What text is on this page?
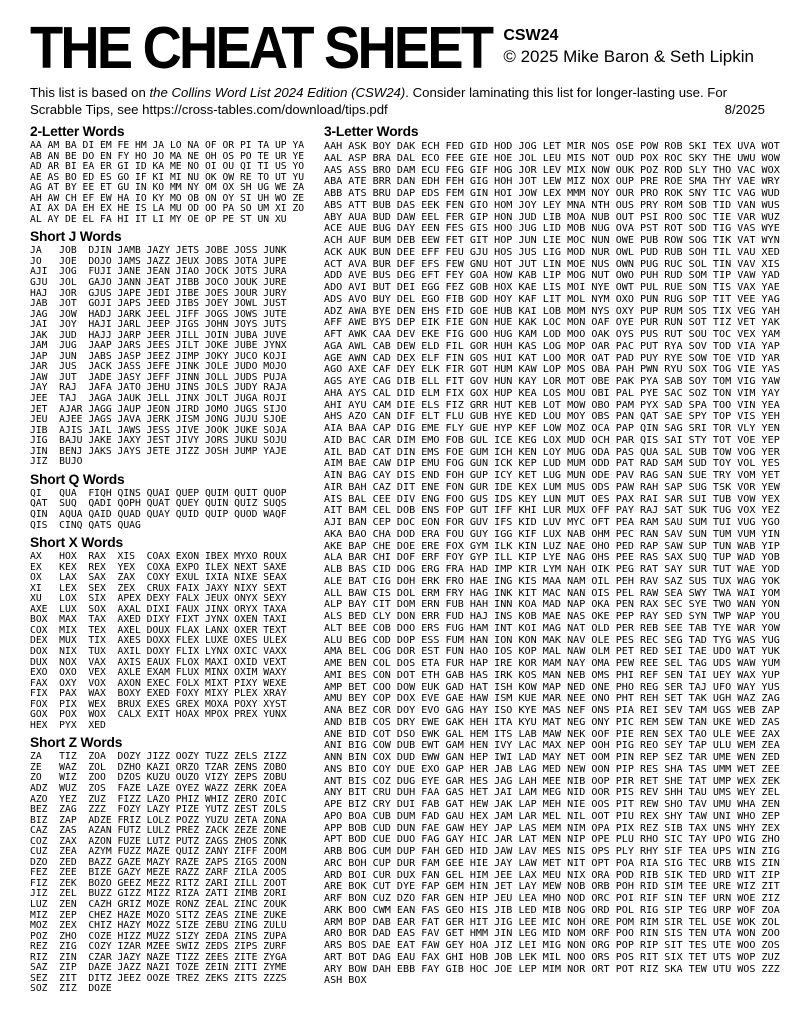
THE CHEAT SHEET CSW24
© 2025 Mike Baron & Seth Lipkin
This list is based on the Collins Word List 2024 Edition (CSW24). Consider laminating this list for longer-lasting use. For Scrabble Tips, see https://cross-tables.com/download/tips.pdf	8/2025
2-Letter Words
AA AM BA DI EM FE HM JA LO NA OF OR PI TA UP YA
AB AN BE DO EN FY HO JO MA NE OH OS PO TE UR YE
AD AR BI EA ER GI ID KA ME NO OI OU QI TI US YO
AE AS BO ED ES GO IF KI MI NU OK OW RE TO UT YU
AG AT BY EE ET GU IN KO MM NY OM OX SH UG WE ZA
AH AW CH EF EW HA IO KY MO OB ON OY SI UH WO ZE
AI AX DA EH EX HE IS LA MU OD OO PA SO UM XI ZO
AL AY DE EL FA HI IT LI MY OE OP PE ST UN XU
Short J Words
JA   JOB  DJIN JAMB JAZY JETS JOBE JOSS JUNK
JO   JOE  DOJO JAMS JAZZ JEUX JOBS JOTA JUPE
AJI  JOG  FUJI JANE JEAN JIAO JOCK JOTS JURA
GJU  JOL  GAJO JANN JEAT JIBB JOCO JOUK JURE
HAJ  JOR  GJUS JAPE JEDI JIBE JOES JOUR JURY
JAB  JOT  GOJI JAPS JEED JIBS JOEY JOWL JUST
JAG  JOW  HADJ JARK JEEL JIFF JOGS JOWS JUTE
JAI  JOY  HAJI JARL JEEP JIGS JOHN JOYS JUTS
JAK  JUD  HAJJ JARP JEER JILL JOIN JUBA JUVE
JAM  JUG  JAAP JARS JEES JILT JOKE JUBE JYNX
JAP  JUN  JABS JASP JEEZ JIMP JOKY JUCO KOJI
JAR  JUS  JACK JASS JEFE JINK JOLE JUDO MOJO
JAW  JUT  JADE JASY JEFF JINN JOLL JUDS PUJA
JAY  RAJ  JAFA JATO JEHU JINS JOLS JUDY RAJA
JEE  TAJ  JAGA JAUK JELL JINX JOLT JUGA ROJI
JET  AJAR JAGG JAUP JEON JIRD JOMO JUGS SIJO
JEU  AJEE JAGS JAVA JERK JISM JONG JUJU SJOE
JIB  AJIS JAIL JAWS JESS JIVE JOOK JUKE SOJA
JIG  BAJU JAKE JAXY JEST JIVY JORS JUKU SOJU
JIN  BENJ JAKS JAYS JETE JIZZ JOSH JUMP YAJE
JIZ  BUJO
Short Q Words
QI   QUA  FIQH QINS QUAI QUEP QUIM QUIT QUOP
QAT  SUQ  QADI QOPH QUAT QUEY QUIN QUIZ SUQS
QIN  AQUA QAID QUAD QUAY QUID QUIP QUOD WAQF
QIS  CINQ QATS QUAG
Short X Words
AX   HOX  RAX  XIS  COAX EXON IBEX MYXO ROUX
EX   KEX  REX  YEX  COXA EXPO ILEX NEXT SAXE
OX   LAX  SAX  ZAX  COXY EXUL IXIA NIXE SEAX
XI   LEX  SEX  ZEX  CRUX FAIX JAXY NIXY SEXT
XU   LOX  SIX  APEX DEXY FALX JEUX ONYX SEXY
AXE  LUX  SOX  AXAL DIXI FAUX JINX ORYX TAXA
BOX  MAX  TAX  AXED DIXY FIXT JYNX OXEN TAXI
COX  MIX  TEX  AXEL DOUX FLAX LANX OXER TEXT
DEX  MUX  TIX  AXES DOXX FLEX LUXE OXES ULEX
DOX  NIX  TUX  AXIL DOXY FLIX LYNX OXIC VAXX
DUX  NOX  VAX  AXIS EAUX FLOX MAXI OXID VEXT
EXO  OXO  VEX  AXLE EXAM FLUX MINX OXIM WAXY
FAX  OXY  VOX  AXON EXEC FOLX MIXT PIXY WEXE
FIX  PAX  WAX  BOXY EXED FOXY MIXY PLEX XRAY
FOX  PIX  WEX  BRUX EXES GREX MOXA POXY XYST
GOX  POX  WOX  CALX EXIT HOAX MPOX PREX YUNX
HEX  PYX  XED
Short Z Words
ZA   TIZ  ZOA  DOZY JIZZ OOZY TUZZ ZELS ZIZZ
ZE   WAZ  ZOL  DZHO KAZI ORZO TZAR ZENS ZOBO
ZO   WIZ  ZOO  DZOS KUZU OUZO VIZY ZEPS ZOBU
ADZ  WUZ  ZOS  FAZE LAZE OYEZ WAZZ ZERK ZOEA
AZO  YEZ  ZUZ  FIZZ LAZO PHIZ WHIZ ZERO ZOIC
BEZ  ZAG  ZZZ  FOZY LAZY PIZE YUTZ ZEST ZOLS
BIZ  ZAP  ADZE FRIZ LOLZ POZZ YUZU ZETA ZONA
CAZ  ZAS  AZAN FUTZ LULZ PREZ ZACK ZEZE ZONE
COZ  ZAX  AZON FUZE LUTZ PUTZ ZAGS ZHOS ZONK
CUZ  ZEA  AZYM FUZZ MAZE QUIZ ZANY ZIFF ZOOM
DZO  ZED  BAZZ GAZE MAZY RAZE ZAPS ZIGS ZOON
FEZ  ZEE  BIZE GAZY MEZE RAZZ ZARF ZILA ZOOS
FIZ  ZEK  BOZO GEEZ MEZZ RITZ ZARI ZILL ZOOT
JIZ  ZEL  BUZZ GIZZ MIZZ RIZA ZATI ZIMB ZORI
LUZ  ZEN  CAZH GRIZ MOZE RONZ ZEAL ZINC ZOUK
MIZ  ZEP  CHEZ HAZE MOZO SITZ ZEAS ZINE ZUKE
MOZ  ZEX  CHIZ HAZY MOZZ SIZE ZEBU ZING ZULU
POZ  ZHO  COZE HIZZ MUZZ SIZY ZEDA ZINS ZUPA
REZ  ZIG  COZY IZAR MZEE SWIZ ZEDS ZIPS ZURF
RIZ  ZIN  CZAR JAZY NAZE TIZZ ZEES ZITE ZYGA
SAZ  ZIP  DAZE JAZZ NAZI TOZE ZEIN ZITI ZYME
SEZ  ZIT  DITZ JEEZ OOZE TREZ ZEKS ZITS ZZZS
SOZ  ZIZ  DOZE
3-Letter Words
AAH ASK BOY DAK ECH FED GID HOD JOG LET MIR NOS OSE POW ROB SKI TEX UVA WOT
AAL ASP BRA DAL ECO FEE GIE HOE JOL LEU MIS NOT OUD POX ROC SKY THE UWU WOW
AAS ASS BRO DAM ECU FEG GIF HOG JOR LEV MIX NOW OUK POZ ROD SLY THO VAC WOX
ABA ATE BRR DAN EDH FEH GIG HOH JOT LEW MIZ NOX OUP PRE ROE SMA THY VAE WRY
ABB ATS BRU DAP EDS FEM GIN HOI JOW LEX MMM NOY OUR PRO ROK SNY TIC VAG WUD
ABS ATT BUB DAS EEK FEN GIO HOM JOY LEY MNA NTH OUS PRY ROM SOB TID VAN WUS
ABY AUA BUD DAW EEL FER GIP HON JUD LIB MOA NUB OUT PSI ROO SOC TIE VAR WUZ
ACE AUE BUG DAY EEN FES GIS HOO JUG LID MOB NUG OVA PST ROT SOD TIG VAS WYE
ACH AUF BUM DEB EEW FET GIT HOP JUN LIE MOC NUN OWE PUB ROW SOG TIK VAT WYN
ACK AUK BUN DEE EFF FEU GJU HOS JUS LIG MOD NUR OWL PUD RUB SOH TIL VAU XED
ACT AVA BUR DEF EFS FEW GNU HOT JUT LIN MOE NUS OWN PUG RUC SOL TIN VAV XIS
ADD AVE BUS DEG EFT FEY GOA HOW KAB LIP MOG NUT OWO PUH RUD SOM TIP VAW YAD
ADO AVI BUT DEI EGG FEZ GOB HOX KAE LIS MOI NYE OWT PUL RUE SON TIS VAX YAE
ADS AVO BUY DEL EGO FIB GOD HOY KAF LIT MOL NYM OXO PUN RUG SOP TIT VEE YAG
ADZ AWA BYE DEN EHS FID GOE HUB KAI LOB MOM NYS OXY PUP RUM SOS TIX VEG YAH
AFF AWE BYS DEP EIK FIE GON HUE KAK LOC MON OAF OYE PUR RUN SOT TIZ VET YAK
AFT AWK CAA DEV EKE FIG GOO HUG KAM LOD MOO OAK OYS PUS RUT SOU TOC VEX YAM
AGA AWL CAB DEW ELD FIL GOR HUH KAS LOG MOP OAR PAC PUT RYA SOV TOD VIA YAP
AGE AWN CAD DEX ELF FIN GOS HUI KAT LOO MOR OAT PAD PUY RYE SOW TOE VID YAR
AGO AXE CAF DEY ELK FIR GOT HUM KAW LOP MOS OBA PAH PWN RYU SOX TOG VIE YAS
AGS AYE CAG DIB ELL FIT GOV HUN KAY LOR MOT OBE PAK PYA SAB SOY TOM VIG YAW
AHA AYS CAL DID ELM FIX GOX HUP KEA LOS MOU OBI PAL PYE SAC SOZ TON VIM YAY
AHI AYU CAM DIE ELS FIZ GRR HUT KEB LOT MOW OBO PAM PYX SAD SPA TOO VIN YEA
AHS AZO CAN DIF ELT FLU GUB HYE KED LOU MOY OBS PAN QAT SAE SPY TOP VIS YEH
AIA BAA CAP DIG EME FLY GUE HYP KEF LOW MOZ OCA PAP QIN SAG SRI TOR VLY YEN
AID BAC CAR DIM EMO FOB GUL ICE KEG LOX MUD OCH PAR QIS SAI STY TOT VOE YEP
AIL BAD CAT DIN EMS FOE GUM ICH KEN LOY MUG ODA PAS QUA SAL SUB TOW VOG YER
AIM BAE CAW DIP EMU FOG GUN ICK KEP LUD MUM ODD PAT RAD SAM SUD TOY VOL YES
AIN BAG CAY DIS END FOH GUP ICY KET LUG MUN ODE PAV RAG SAN SUE TRY VOM YET
AIR BAH CAZ DIT ENE FON GUR IDE KEX LUM MUS ODS PAW RAH SAP SUG TSK VOR YEW
AIS BAL CEE DIV ENG FOO GUS IDS KEY LUN MUT OES PAX RAI SAR SUI TUB VOW YEX
AIT BAM CEL DOB ENS FOP GUT IFF KHI LUR MUX OFF PAY RAJ SAT SUK TUG VOX YEZ
AJI BAN CEP DOC EON FOR GUV IFS KID LUV MYC OFT PEA RAM SAU SUM TUI VUG YGO
AKA BAO CHA DOD ERA FOU GUY IGG KIF LUX NAB OHM PEC RAN SAV SUN TUM VUM YIN
AKE BAP CHE DOE ERE FOX GYM ILK KIN LUZ NAE OHO PED RAP SAW SUP TUN WAB YIP
ALA BAR CHI DOF ERF FOY GYP ILL KIP LYE NAG OHS PEE RAS SAX SUQ TUP WAD YOB
ALB BAS CID DOG ERG FRA HAD IMP KIR LYM NAH OIK PEG RAT SAY SUR TUT WAE YOD
ALE BAT CIG DOH ERK FRO HAE ING KIS MAA NAM OIL PEH RAV SAZ SUS TUX WAG YOK
ALL BAW CIS DOL ERM FRY HAG INK KIT MAC NAN OIS PEL RAW SEA SWY TWA WAI YOM
ALP BAY CIT DOM ERN FUB HAH INN KOA MAD NAP OKA PEN RAX SEC SYE TWO WAN YON
ALS BED CLY DON ERR FUD HAJ INS KOB MAE NAS OKE PEP RAY SED SYN TWP WAP YOU
ALT BEE COB DOO ERS FUG HAM INT KOI MAG NAT OLD PER REB SEE TAB TYE WAR YOW
ALU BEG COD DOP ESS FUM HAN ION KON MAK NAV OLE PES REC SEG TAD TYG WAS YUG
AMA BEL COG DOR EST FUN HAO IOS KOP MAL NAW OLM PET RED SEI TAE UDO WAT YUK
AME BEN COL DOS ETA FUR HAP IRE KOR MAM NAY OMA PEW REE SEL TAG UDS WAW YUM
AMI BES CON DOT ETH GAB HAS IRK KOS MAN NEB OMS PHI REF SEN TAI UEY WAX YUP
AMP BET COO DOW EUK GAD HAT ISH KOW MAP NED ONE PHO REG SER TAJ UFO WAY YUS
AMU BEY COP DOX EVE GAE HAW ISM KUE MAR NEE ONO PHT REH SET TAK UGH WAZ ZAG
ANA BEZ COR DOY EVO GAG HAY ISO KYE MAS NEF ONS PIA REI SEV TAM UGS WEB ZAP
AND BIB COS DRY EWE GAK HEH ITA KYU MAT NEG ONY PIC REM SEW TAN UKE WED ZAS
ANE BID COT DSO EWK GAL HEM ITS LAB MAW NEK OOF PIE REN SEX TAO ULE WEE ZAX
ANI BIG COW DUB EWT GAM HEN IVY LAC MAX NEP OOH PIG REO SEY TAP ULU WEM ZEA
ANN BIN COX DUD EWW GAN HEP IWI LAD MAY NET OOM PIN REP SEZ TAR UME WEN ZED
ANS BIO COY DUE EXO GAP HER JAB LAG MED NEW OON PIP RES SHA TAS UMM WET ZEE
ANT BIS COZ DUG EYE GAR HES JAG LAH MEE NIB OOP PIR RET SHE TAT UMP WEX ZEK
ANY BIT CRU DUH FAA GAS HET JAI LAM MEG NID OOR PIS REV SHH TAU UMS WEY ZEL
APE BIZ CRY DUI FAB GAT HEW JAK LAP MEH NIE OOS PIT REW SHO TAV UMU WHA ZEN
APO BOA CUB DUM FAD GAU HEX JAM LAR MEL NIL OOT PIU REX SHY TAW UNI WHO ZEP
APP BOB CUD DUN FAE GAW HEY JAP LAS MEM NIM OPA PIX REZ SIB TAX UNS WHY ZEX
APT BOD CUE DUO FAG GAY HIC JAR LAT MEN NIP OPE PLU RHO SIC TAY UPO WIG ZHO
ARB BOG CUM DUP FAH GED HID JAW LAV MES NIS OPS PLY RHY SIF TEA UPS WIN ZIG
ARC BOH CUP DUR FAM GEE HIE JAY LAW MET NIT OPT POA RIA SIG TEC URB WIS ZIN
ARD BOI CUR DUX FAN GEL HIM JEE LAX MEU NIX ORA POD RIB SIK TED URD WIT ZIP
ARE BOK CUT DYE FAP GEM HIN JET LAY MEW NOB ORB POH RID SIM TEE URE WIZ ZIT
ARF BON CUZ DZO FAR GEN HIP JEU LEA MHO NOD ORC POI RIF SIN TEF URN WOE ZIZ
ARK BOO CWM EAN FAS GEO HIS JIB LED MIB NOG ORD POL RIG SIP TEG URP WOF ZOA
ARM BOP DAB EAR FAT GER HIT JIG LEE MIC NOH ORE POM RIM SIR TEL USE WOK ZOL
ARO BOR DAD EAS FAV GET HMM JIN LEG MID NOM ORF POO RIN SIS TEN UTA WON ZOO
ARS BOS DAE EAT FAW GEY HOA JIZ LEI MIG NON ORG POP RIP SIT TES UTE WOO ZOS
ART BOT DAG EAU FAX GHI HOB JOB LEK MIL NOO ORS POS RIT SIX TET UTS WOP ZUZ
ARY BOW DAH EBB FAY GIB HOC JOE LEP MIM NOR ORT POT RIZ SKA TEW UTU WOS ZZZ
ASH BOX
